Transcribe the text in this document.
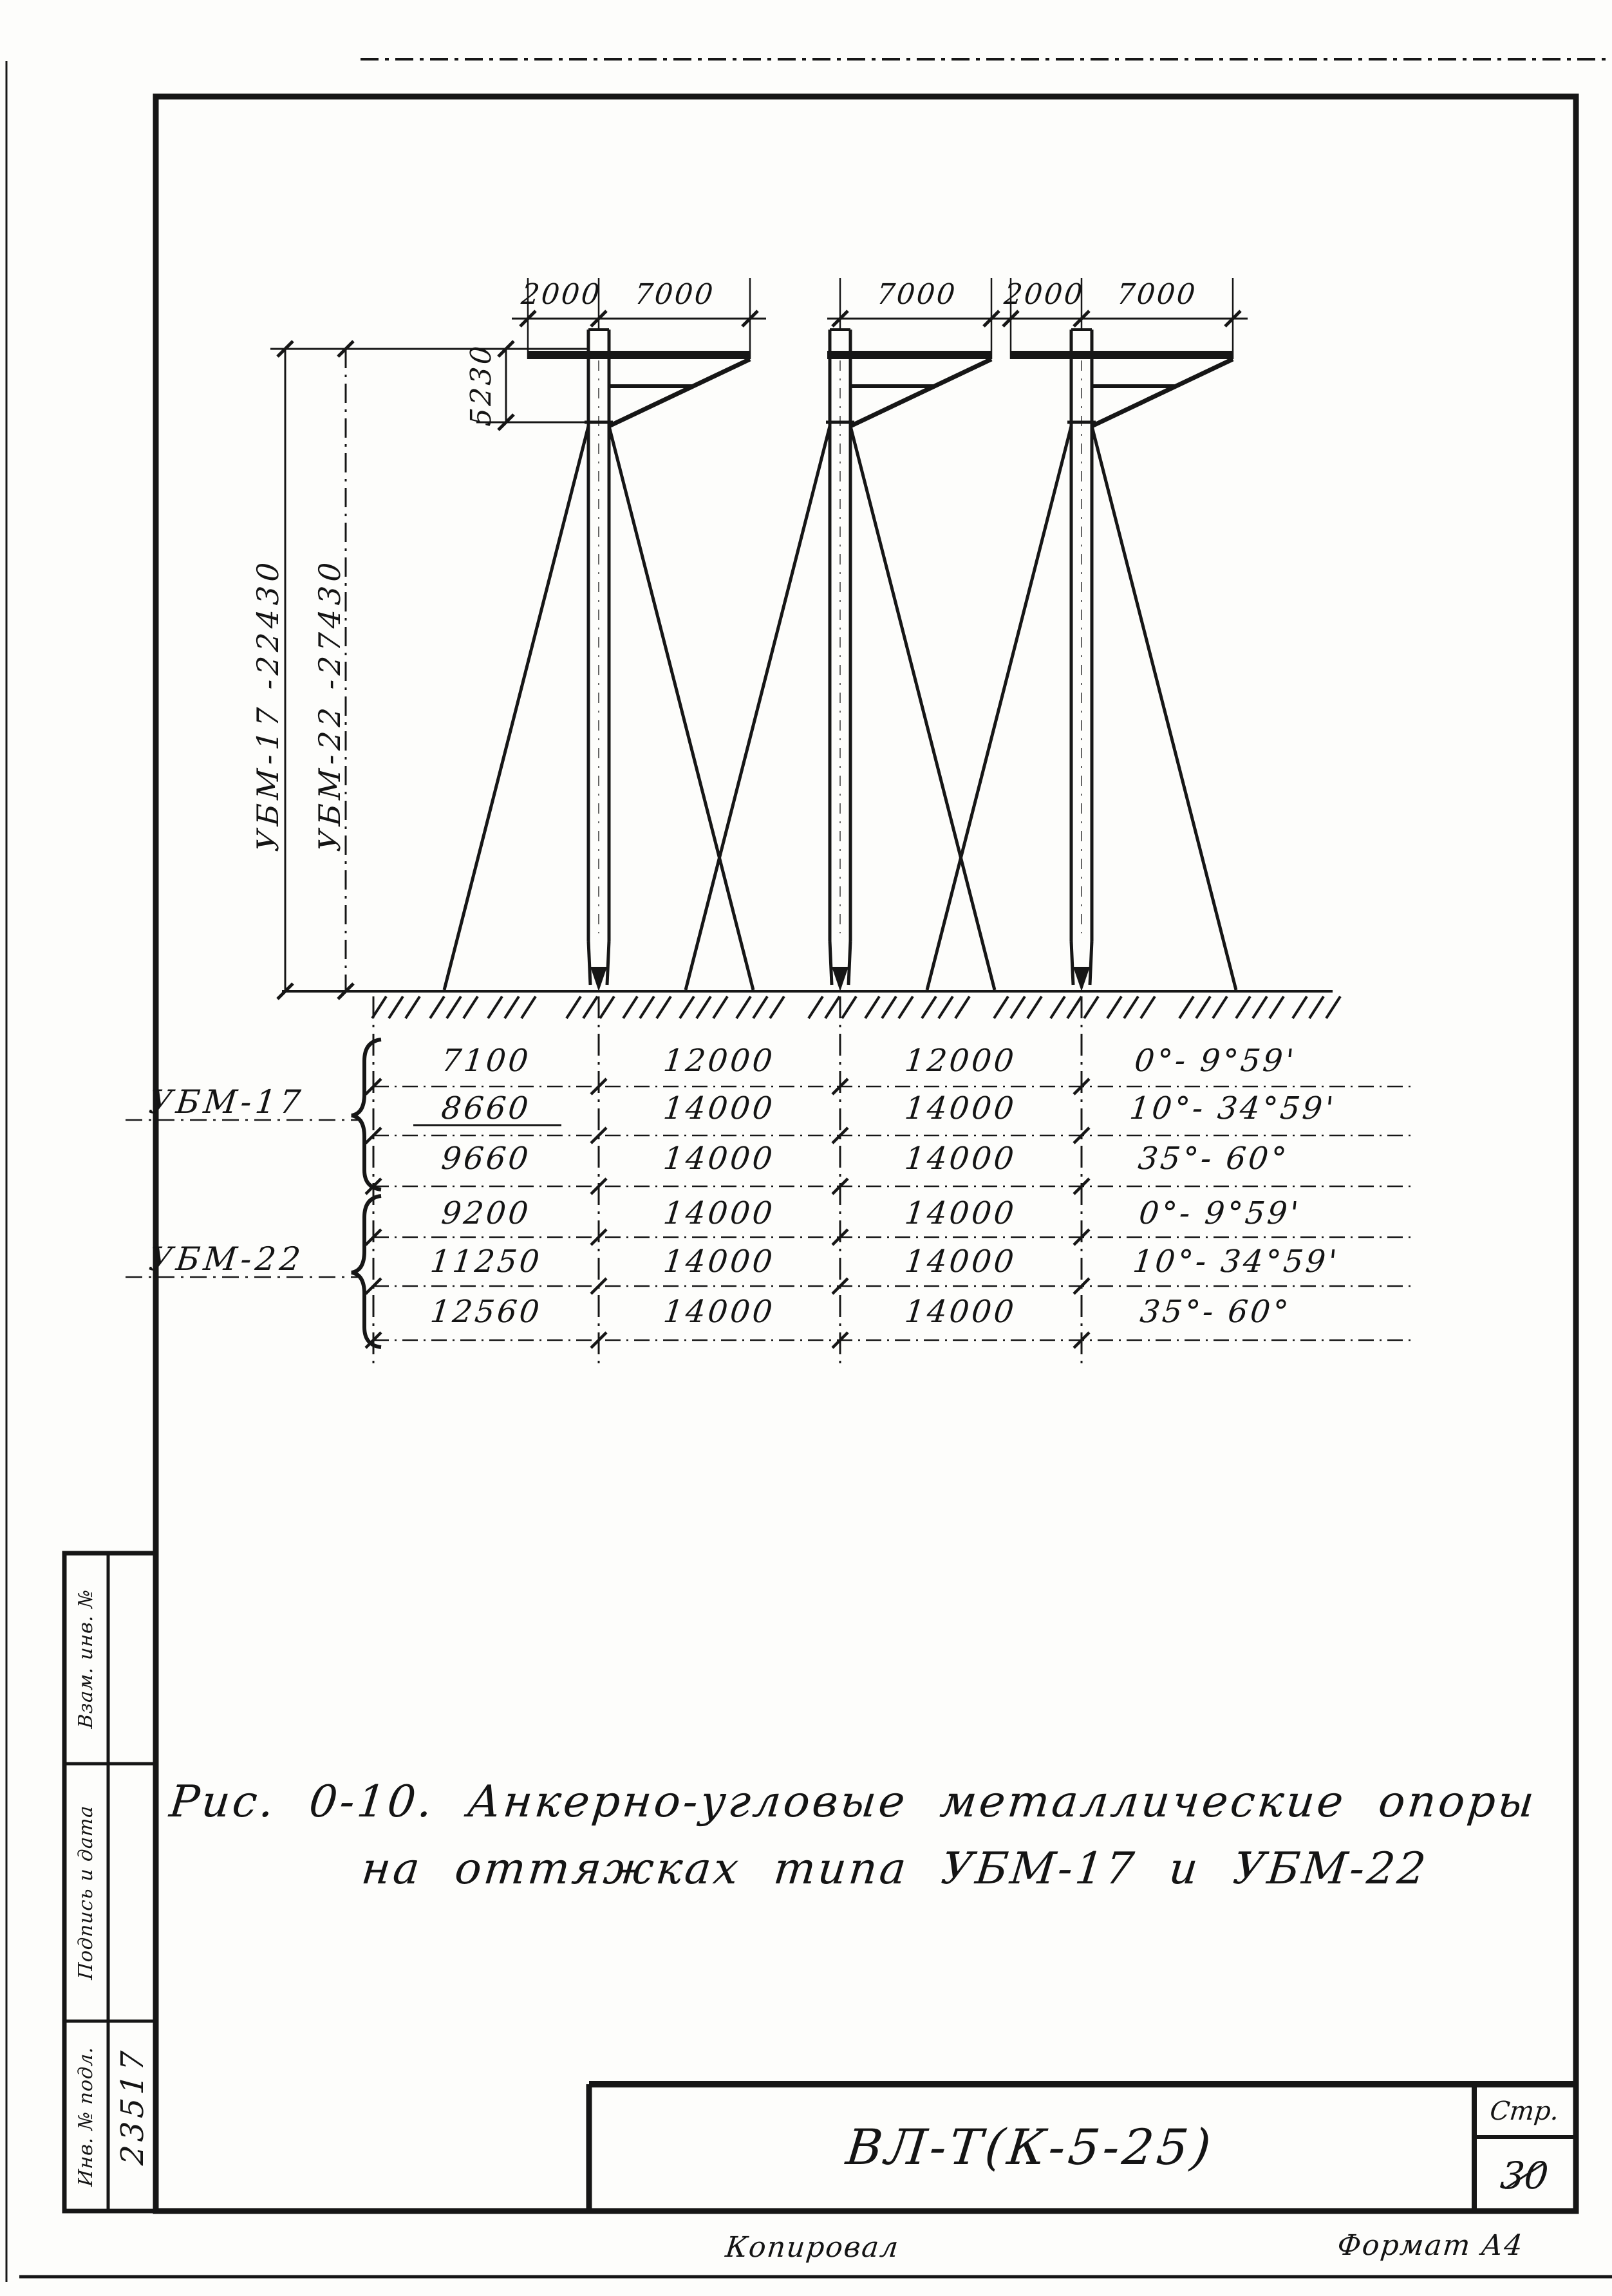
2000 7000	7000 2000 7000
5230
УБМ-17 -22430 УБМ-22 -27430
УБМ-17
УБМ-22
7100	12000	12000	0°- 9°59'
8660	14000	14000	10°- 34°59'
9660	14000	14000	35°- 60°
9200	14000	14000	0°- 9°59'
11250	14000	14000	10°- 34°59'
12560	14000	14000	35°- 60°
Рис. 0-10. Анкерно-угловые металлические опоры
на оттяжках типа УБМ-17 и УБМ-22
ВЛ-Т(К-5-25)
Стр.
30
Копировал	Формат А4
Взам. инв. №
Подпись и дата
Инв. № подл. 23517
